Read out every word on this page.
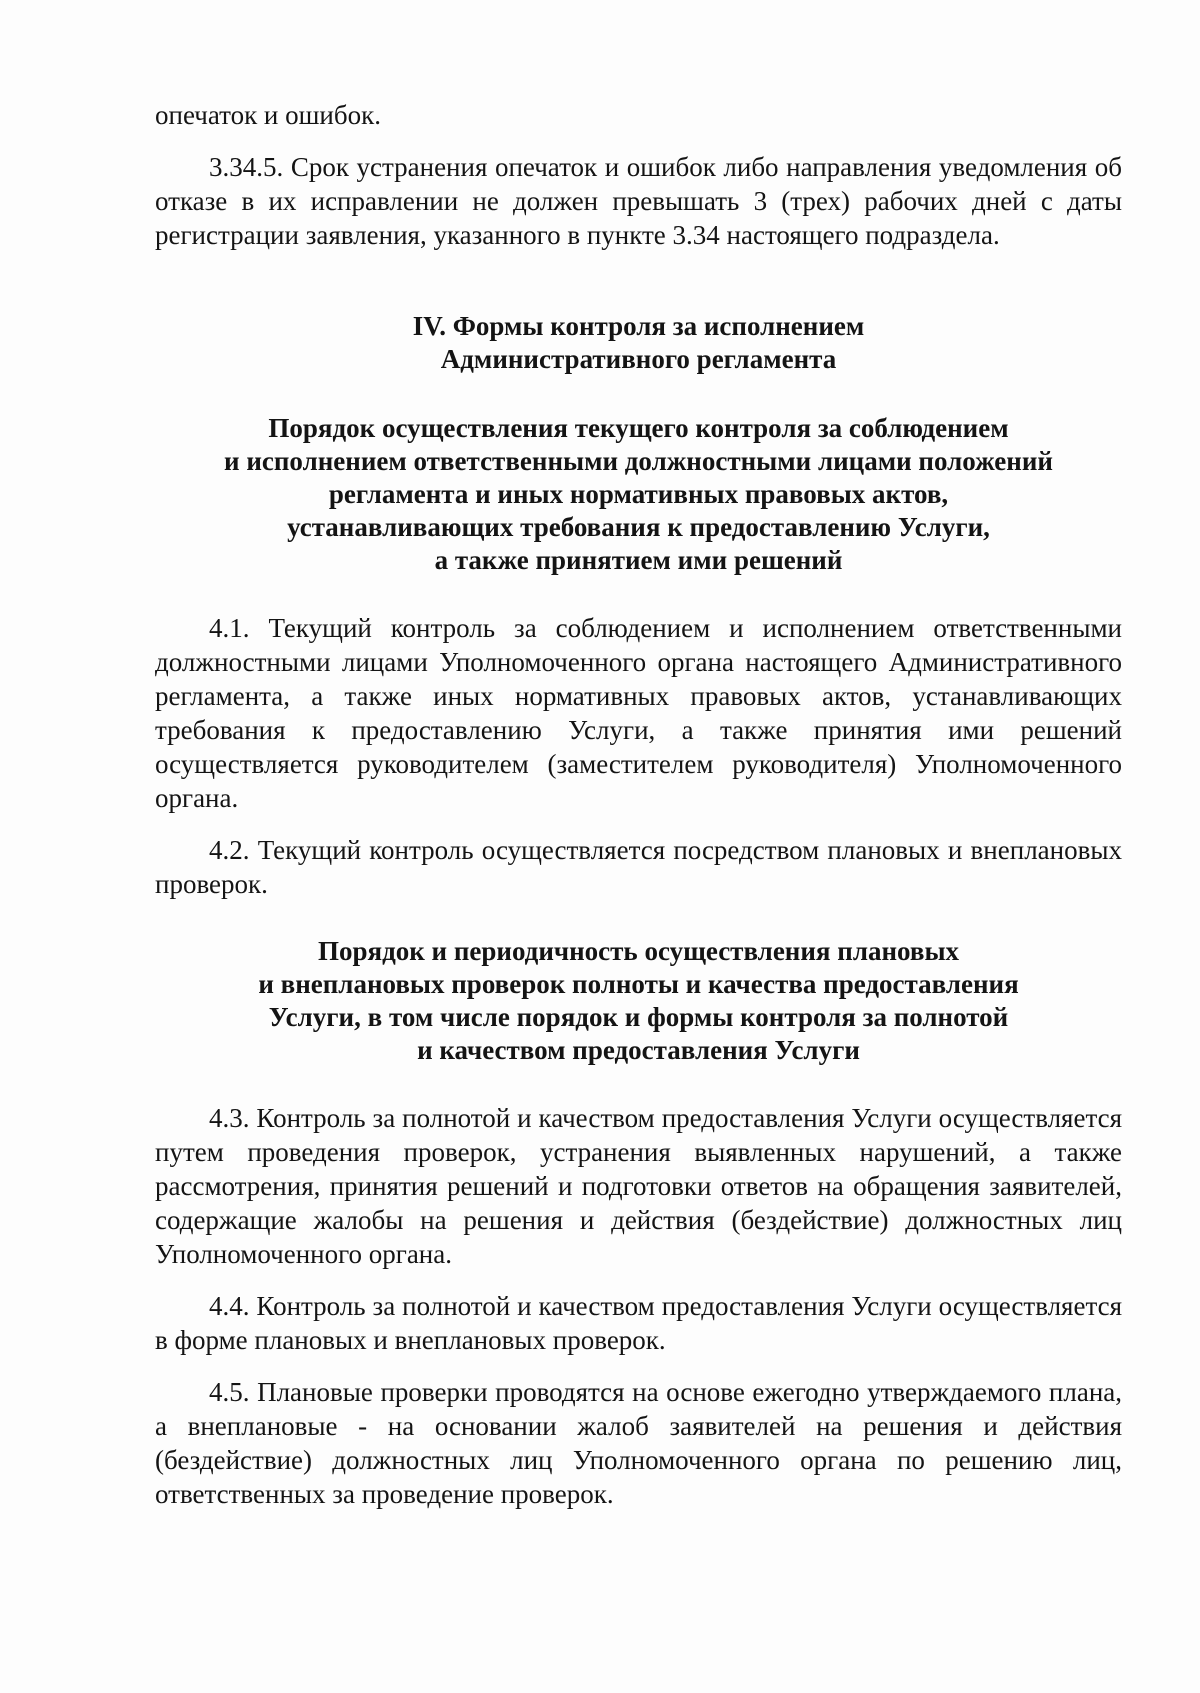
опечаток и ошибок.

3.34.5. Срок устранения опечаток и ошибок либо направления уведомления об отказе в их исправлении не должен превышать 3 (трех) рабочих дней с даты регистрации заявления, указанного в пункте 3.34 настоящего подраздела.

IV. Формы контроля за исполнением
Административного регламента
Порядок осуществления текущего контроля за соблюдением
и исполнением ответственными должностными лицами положений
регламента и иных нормативных правовых актов,
устанавливающих требования к предоставлению Услуги,
а также принятием ими решений

4.1. Текущий контроль за соблюдением и исполнением ответственными должностными лицами Уполномоченного органа настоящего Административного регламента, а также иных нормативных правовых актов, устанавливающих требования к предоставлению Услуги, а также принятия ими решений осуществляется руководителем (заместителем руководителя) Уполномоченного органа.

4.2. Текущий контроль осуществляется посредством плановых и внеплановых проверок.

Порядок и периодичность осуществления плановых
и внеплановых проверок полноты и качества предоставления
Услуги, в том числе порядок и формы контроля за полнотой
и качеством предоставления Услуги

4.3. Контроль за полнотой и качеством предоставления Услуги осуществляется путем проведения проверок, устранения выявленных нарушений, а также рассмотрения, принятия решений и подготовки ответов на обращения заявителей, содержащие жалобы на решения и действия (бездействие) должностных лиц Уполномоченного органа.

4.4. Контроль за полнотой и качеством предоставления Услуги осуществляется в форме плановых и внеплановых проверок.

4.5. Плановые проверки проводятся на основе ежегодно утверждаемого плана, а внеплановые - на основании жалоб заявителей на решения и действия (бездействие) должностных лиц Уполномоченного органа по решению лиц, ответственных за проведение проверок.
